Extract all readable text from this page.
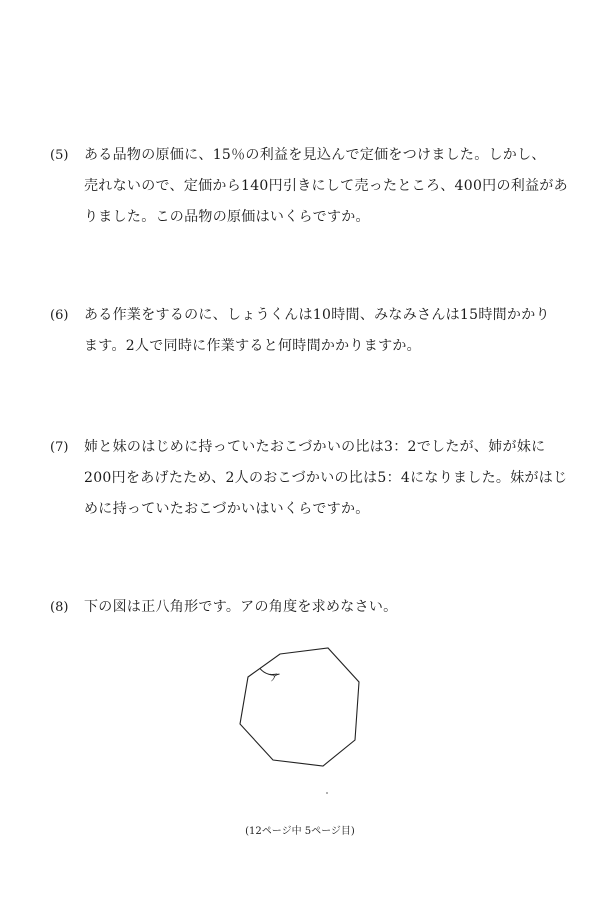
(5) ある品物の原価に、15％の利益を見込んで定価をつけました。しかし、
売れないので、定価から140円引きにして売ったところ、400円の利益があ
りました。この品物の原価はいくらですか。
(6) ある作業をするのに、しょうくんは10時間、みなみさんは15時間かかり
ます。2人で同時に作業すると何時間かかりますか。
(7) 姉と妹のはじめに持っていたおこづかいの比は3：2でしたが、姉が妹に
200円をあげたため、2人のおこづかいの比は5：4になりました。妹がはじ
めに持っていたおこづかいはいくらですか。
(8) 下の図は正八角形です。アの角度を求めなさい。
ア
(12ページ中 5ページ目)
